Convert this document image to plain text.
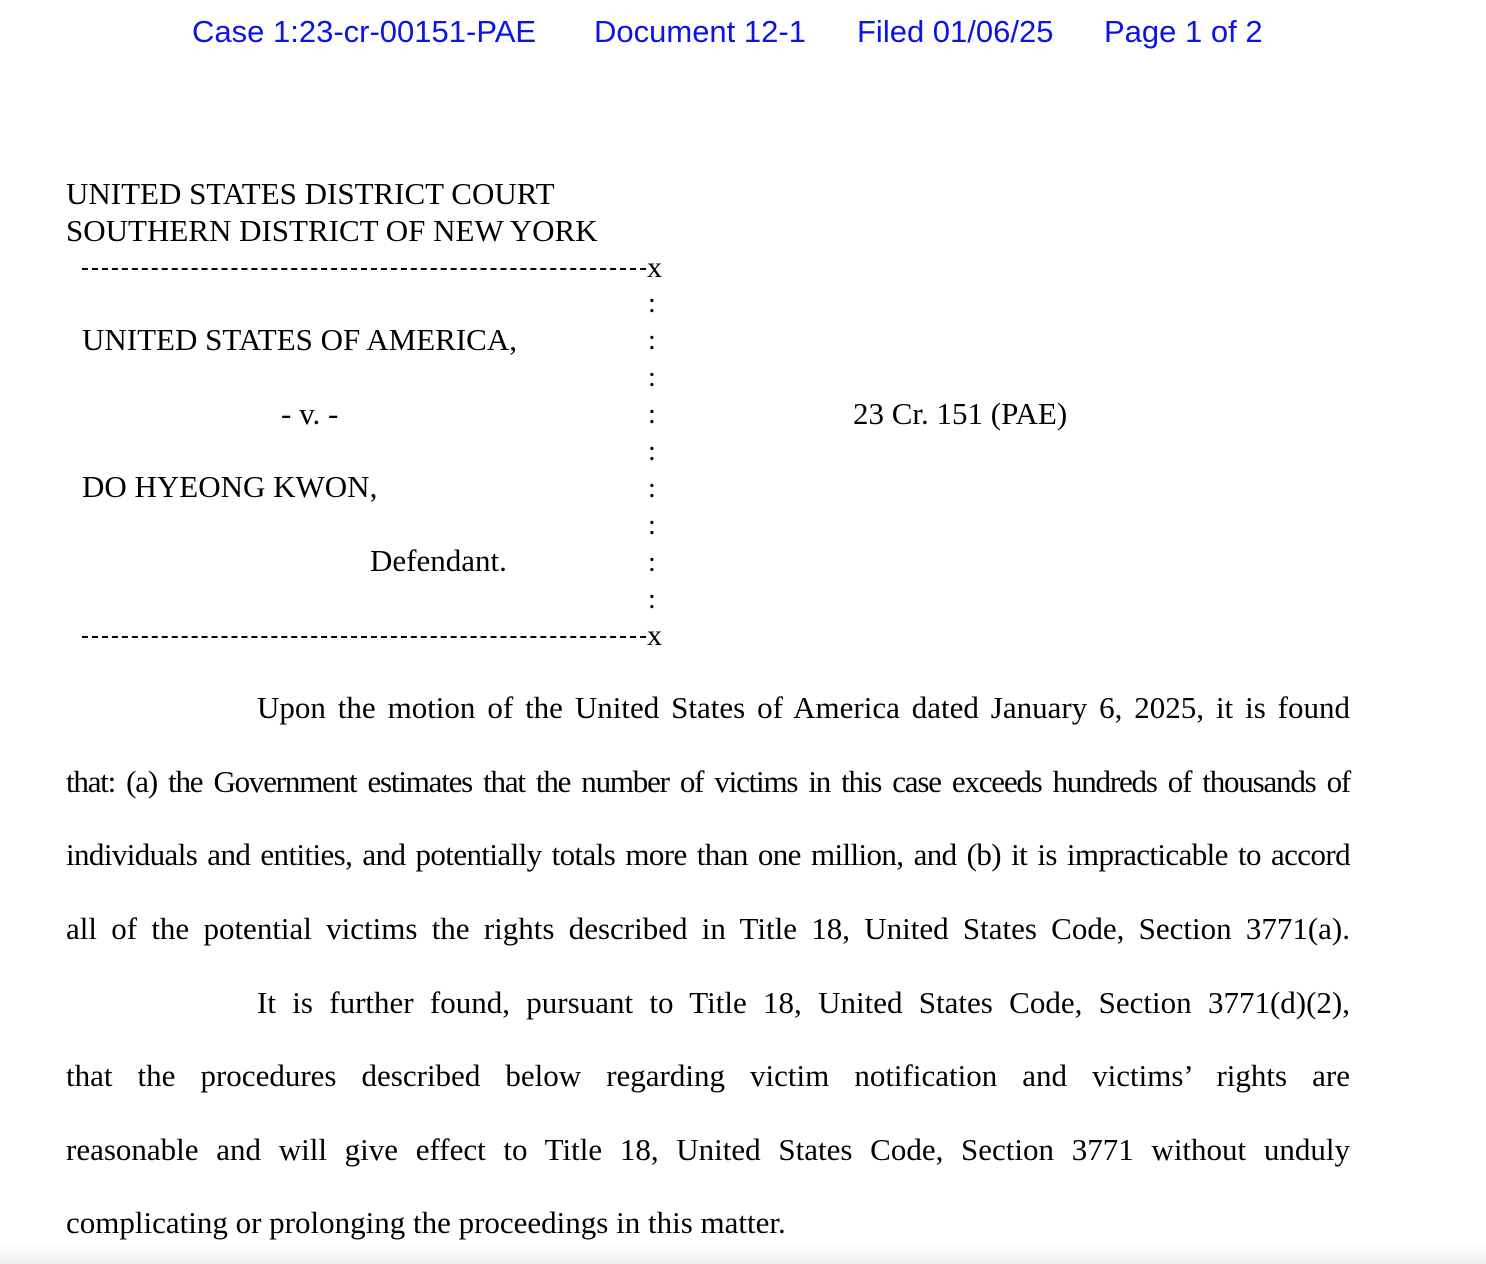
Case 1:23-cr-00151-PAE Document 12-1 Filed 01/06/25 Page 1 of 2
UNITED STATES DISTRICT COURT
SOUTHERN DISTRICT OF NEW YORK
x
:
:
:
:
:
:
:
:
:
UNITED STATES OF AMERICA,
- v. -
DO HYEONG KWON,
Defendant.
x
23 Cr. 151 (PAE)
Upon the motion of the United States of America dated January 6, 2025, it is found
that: (a) the Government estimates that the number of victims in this case exceeds hundreds of thousands of
individuals and entities, and potentially totals more than one million, and (b) it is impracticable to accord
all of the potential victims the rights described in Title 18, United States Code, Section 3771(a).
It is further found, pursuant to Title 18, United States Code, Section 3771(d)(2),
that the procedures described below regarding victim notification and victims’ rights are
reasonable and will give effect to Title 18, United States Code, Section 3771 without unduly
complicating or prolonging the proceedings in this matter.
